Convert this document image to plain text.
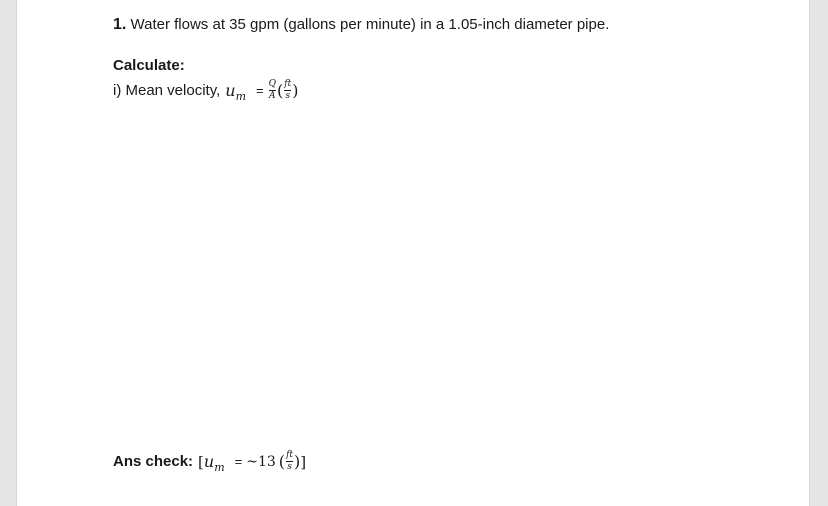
1. Water flows at 35 gpm (gallons per minute) in a 1.05-inch diameter pipe.
Calculate:
i) Mean velocity, $u_m = \frac{Q}{A}$ ( $\frac{ft}{s}$ )
Ans check: [ $u_m$ = ~13 ( $\frac{ft}{s}$ ) ]
